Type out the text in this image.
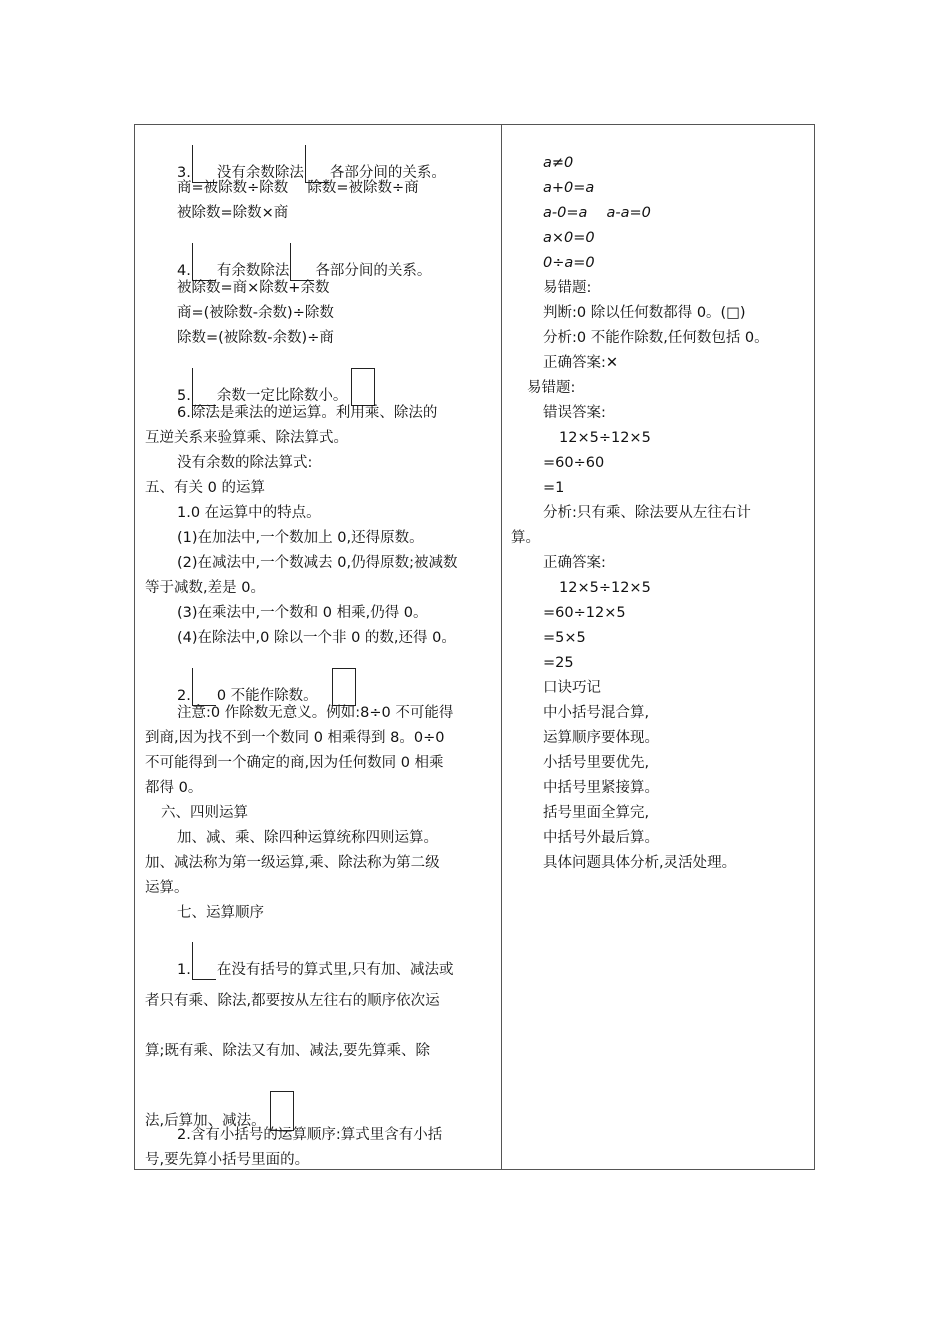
3. 没有余数除法 各部分间的关系。
商=被除数÷除数　 除数=被除数÷商
被除数=除数×商
4. 有余数除法 各部分间的关系。
被除数=商×除数+余数
商=(被除数-余数)÷除数
除数=(被除数-余数)÷商
5. 余数一定比除数小。
6.除法是乘法的逆运算。利用乘、除法的
互逆关系来验算乘、除法算式。
没有余数的除法算式:
五、有关 0 的运算
1.0 在运算中的特点。
(1)在加法中,一个数加上 0,还得原数。
(2)在减法中,一个数减去 0,仍得原数;被减数
等于减数,差是 0。
(3)在乘法中,一个数和 0 相乘,仍得 0。
(4)在除法中,0 除以一个非 0 的数,还得 0。
2. 0 不能作除数。
注意:0 作除数无意义。例如:8÷0 不可能得
到商,因为找不到一个数同 0 相乘得到 8。0÷0
不可能得到一个确定的商,因为任何数同 0 相乘
都得 0。
六、四则运算
加、减、乘、除四种运算统称四则运算。
加、减法称为第一级运算,乘、除法称为第二级
运算。
七、运算顺序
1. 在没有括号的算式里,只有加、减法或
者只有乘、除法,都要按从左往右的顺序依次运
算;既有乘、除法又有加、减法,要先算乘、除
法,后算加、减法。
2.含有小括号的运算顺序:算式里含有小括
号,要先算小括号里面的。
a≠0
a+0=a
a-0=a　 a-a=0
a×0=0
0÷a=0
易错题:
判断:0 除以任何数都得 0。(□)
分析:0 不能作除数,任何数包括 0。
正确答案:✕
易错题:
错误答案:
12×5÷12×5
=60÷60
=1
分析:只有乘、除法要从左往右计
算。
正确答案:
12×5÷12×5
=60÷12×5
=5×5
=25
口诀巧记
中小括号混合算,
运算顺序要体现。
小括号里要优先,
中括号里紧接算。
括号里面全算完,
中括号外最后算。
具体问题具体分析,灵活处理。
